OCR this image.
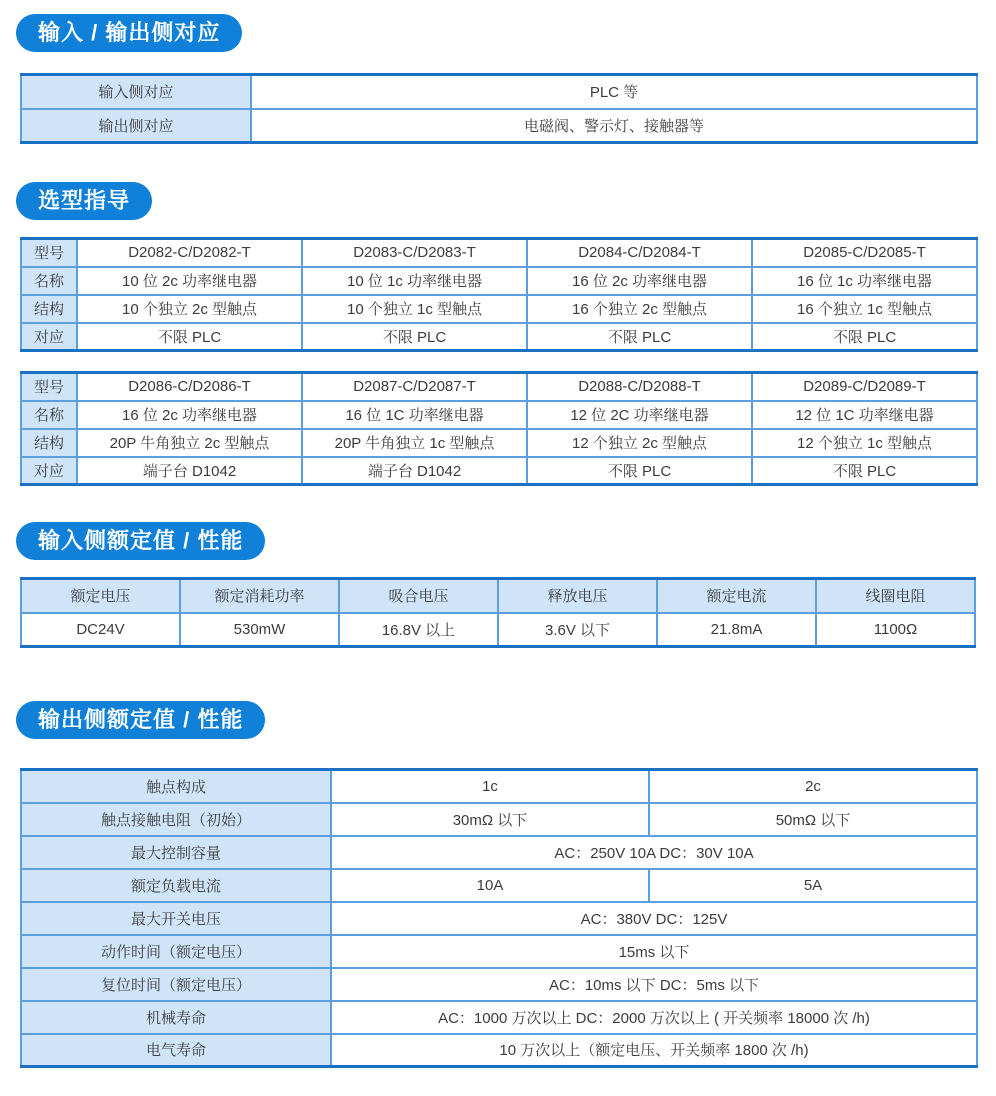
输入 / 输出侧对应
输入侧对应	PLC 等
输出侧对应	电磁阀、警示灯、接触器等
选型指导
型号	D2082-C/D2082-T	D2083-C/D2083-T	D2084-C/D2084-T	D2085-C/D2085-T
名称	10 位 2c 功率继电器	10 位 1c 功率继电器	16 位 2c 功率继电器	16 位 1c 功率继电器
结构	10 个独立 2c 型触点	10 个独立 1c 型触点	16 个独立 2c 型触点	16 个独立 1c 型触点
对应	不限 PLC	不限 PLC	不限 PLC	不限 PLC
型号	D2086-C/D2086-T	D2087-C/D2087-T	D2088-C/D2088-T	D2089-C/D2089-T
名称	16 位 2c 功率继电器	16 位 1C 功率继电器	12 位 2C 功率继电器	12 位 1C 功率继电器
结构	20P 牛角独立 2c 型触点	20P 牛角独立 1c 型触点	12 个独立 2c 型触点	12 个独立 1c 型触点
对应	端子台 D1042	端子台 D1042	不限 PLC	不限 PLC
输入侧额定值 / 性能
额定电压	额定消耗功率	吸合电压	释放电压	额定电流	线圈电阻
DC24V	530mW	16.8V 以上	3.6V 以下	21.8mA	1100Ω
输出侧额定值 / 性能
触点构成	1c	2c
触点接触电阻（初始）	30mΩ 以下	50mΩ 以下
最大控制容量	AC：250V 10A DC：30V 10A	
额定负载电流	10A	5A
最大开关电压	AC：380V DC：125V	
动作时间（额定电压）	15ms 以下	
复位时间（额定电压）	AC：10ms 以下 DC：5ms 以下	
机械寿命	AC：1000 万次以上 DC：2000 万次以上 ( 开关频率 18000 次 /h)	
电气寿命	10 万次以上（额定电压、开关频率 1800 次 /h)	
